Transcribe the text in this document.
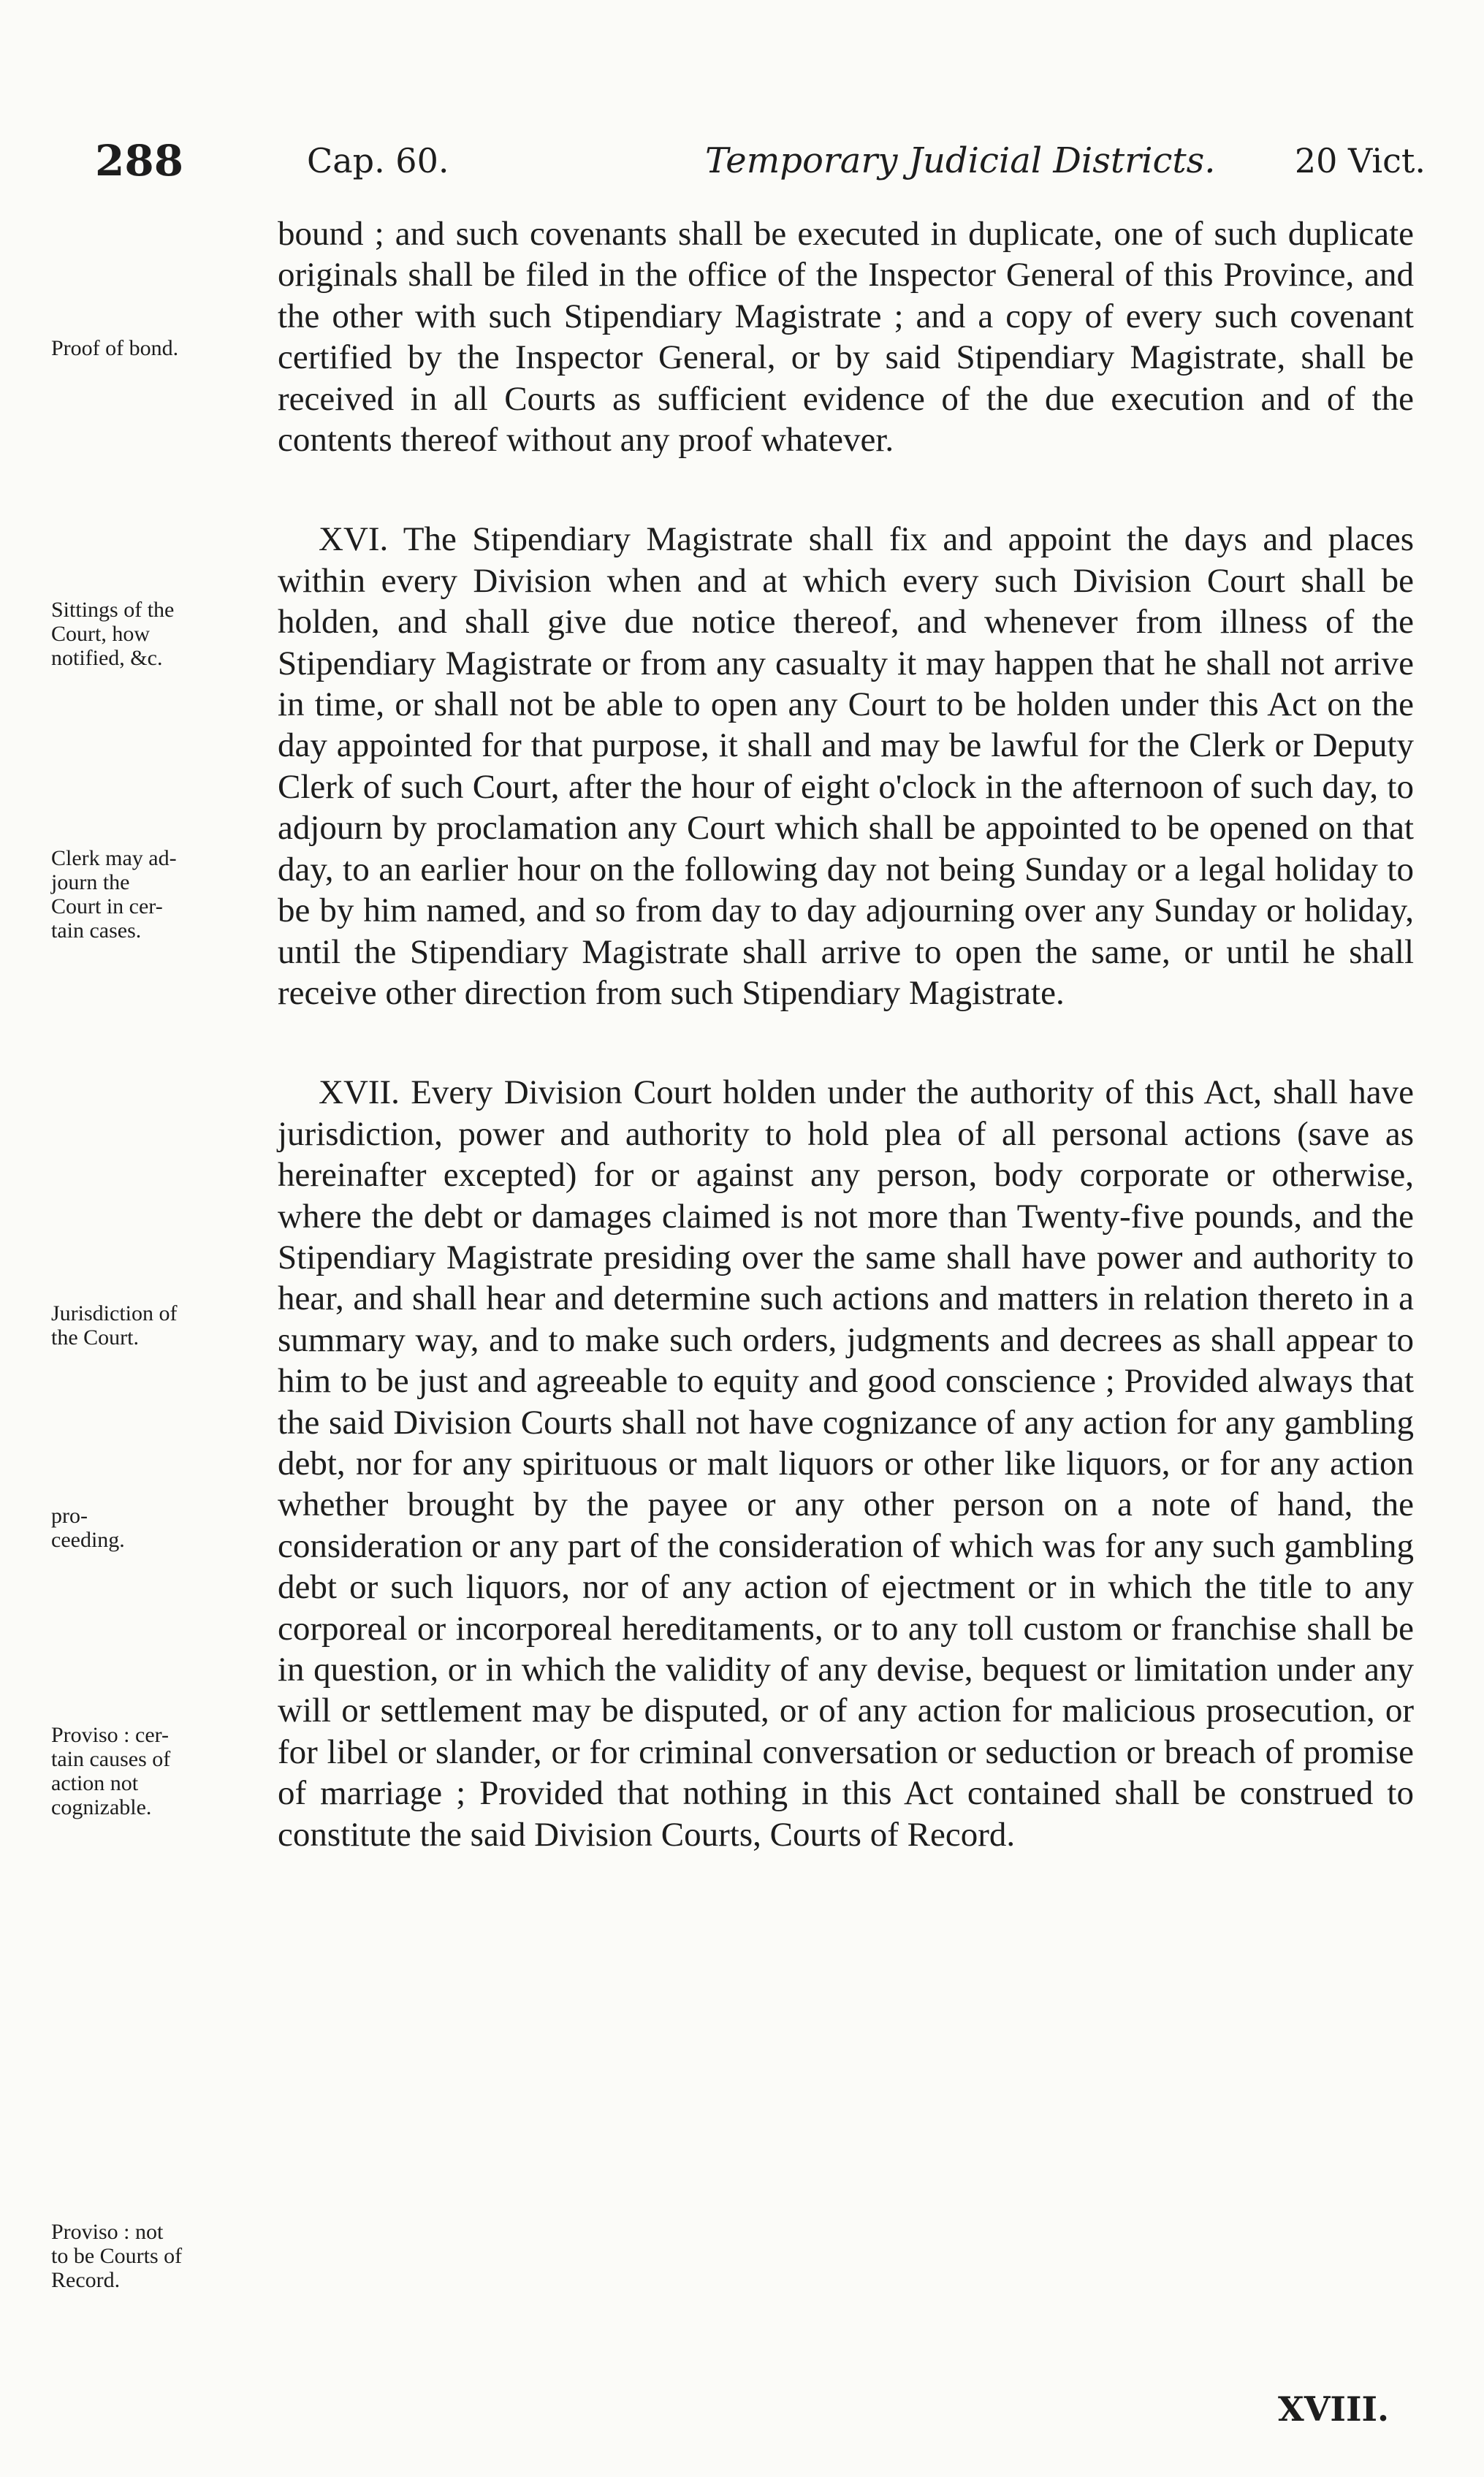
288	Cap. 60.	Temporary Judicial Districts. 20 Vict.
Proof of bond.
Sittings of the
Court, how
notified, &c.
Clerk may ad-
journ the
Court in cer-
tain cases.
Jurisdiction of
the Court.
pro-
ceeding.
Proviso : cer-
tain causes of
action not
cognizable.
Proviso : not
to be Courts of
Record.

bound ; and such covenants shall be executed in duplicate, one of such duplicate originals shall be filed in the office of the Inspector General of this Province, and the other with such Stipendiary Magistrate ; and a copy of every such covenant certified by the Inspector General, or by said Stipendiary Magistrate, shall be received in all Courts as sufficient evidence of the due execution and of the contents thereof without any proof whatever.

XVI. The Stipendiary Magistrate shall fix and appoint the days and places within every Division when and at which every such Division Court shall be holden, and shall give due notice thereof, and whenever from illness of the Stipendiary Magistrate or from any casualty it may happen that he shall not arrive in time, or shall not be able to open any Court to be holden under this Act on the day appointed for that purpose, it shall and may be lawful for the Clerk or Deputy Clerk of such Court, after the hour of eight o'clock in the afternoon of such day, to adjourn by proclamation any Court which shall be appointed to be opened on that day, to an earlier hour on the following day not being Sunday or a legal holiday to be by him named, and so from day to day adjourning over any Sunday or holiday, until the Stipendiary Magistrate shall arrive to open the same, or until he shall receive other direction from such Stipendiary Magistrate.

XVII. Every Division Court holden under the authority of this Act, shall have jurisdiction, power and authority to hold plea of all personal actions (save as hereinafter excepted) for or against any person, body corporate or otherwise, where the debt or damages claimed is not more than Twenty-five pounds, and the Stipendiary Magistrate presiding over the same shall have power and authority to hear, and shall hear and determine such actions and matters in relation thereto in a summary way, and to make such orders, judgments and decrees as shall appear to him to be just and agreeable to equity and good conscience ; Provided always that the said Division Courts shall not have cognizance of any action for any gambling debt, nor for any spirituous or malt liquors or other like liquors, or for any action whether brought by the payee or any other person on a note of hand, the consideration or any part of the consideration of which was for any such gambling debt or such liquors, nor of any action of ejectment or in which the title to any corporeal or incorporeal hereditaments, or to any toll custom or franchise shall be in question, or in which the validity of any devise, bequest or limitation under any will or settlement may be disputed, or of any action for malicious prosecution, or for libel or slander, or for criminal conversation or seduction or breach of promise of marriage ; Provided that nothing in this Act contained shall be construed to constitute the said Division Courts, Courts of Record.

XVIII.
